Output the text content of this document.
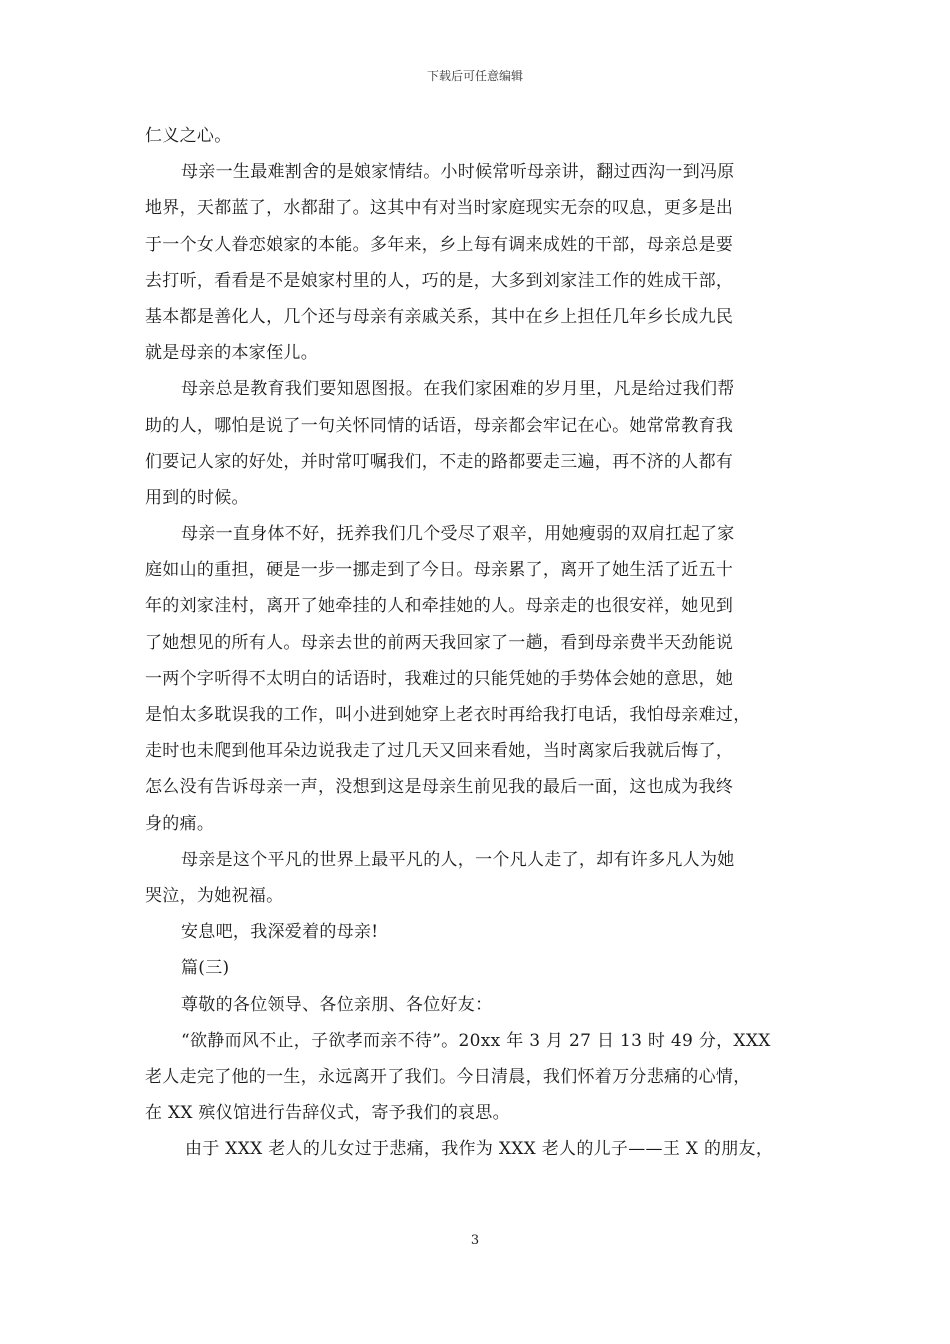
下载后可任意编辑
仁义之心。
母亲一生最难割舍的是娘家情结。小时候常听母亲讲，翻过西沟一到冯原
地界，天都蓝了，水都甜了。这其中有对当时家庭现实无奈的叹息，更多是出
于一个女人眷恋娘家的本能。多年来，乡上每有调来成姓的干部，母亲总是要
去打听，看看是不是娘家村里的人，巧的是，大多到刘家洼工作的姓成干部，
基本都是善化人，几个还与母亲有亲戚关系，其中在乡上担任几年乡长成九民
就是母亲的本家侄儿。
母亲总是教育我们要知恩图报。在我们家困难的岁月里，凡是给过我们帮
助的人，哪怕是说了一句关怀同情的话语，母亲都会牢记在心。她常常教育我
们要记人家的好处，并时常叮嘱我们，不走的路都要走三遍，再不济的人都有
用到的时候。
母亲一直身体不好，抚养我们几个受尽了艰辛，用她瘦弱的双肩扛起了家
庭如山的重担，硬是一步一挪走到了今日。母亲累了，离开了她生活了近五十
年的刘家洼村，离开了她牵挂的人和牵挂她的人。母亲走的也很安祥，她见到
了她想见的所有人。母亲去世的前两天我回家了一趟，看到母亲费半天劲能说
一两个字听得不太明白的话语时，我难过的只能凭她的手势体会她的意思，她
是怕太多耽误我的工作，叫小进到她穿上老衣时再给我打电话，我怕母亲难过，
走时也未爬到他耳朵边说我走了过几天又回来看她，当时离家后我就后悔了，
怎么没有告诉母亲一声，没想到这是母亲生前见我的最后一面，这也成为我终
身的痛。
母亲是这个平凡的世界上最平凡的人，一个凡人走了，却有许多凡人为她
哭泣，为她祝福。
安息吧，我深爱着的母亲!
篇(三)
尊敬的各位领导、各位亲朋、各位好友：
“欲静而风不止，子欲孝而亲不待”。20xx 年 3 月 27 日 13 时 49 分，XXX
老人走完了他的一生，永远离开了我们。今日清晨，我们怀着万分悲痛的心情，
在 XX 殡仪馆进行告辞仪式，寄予我们的哀思。
由于 XXX 老人的儿女过于悲痛，我作为 XXX 老人的儿子——王 X 的朋友，
3
